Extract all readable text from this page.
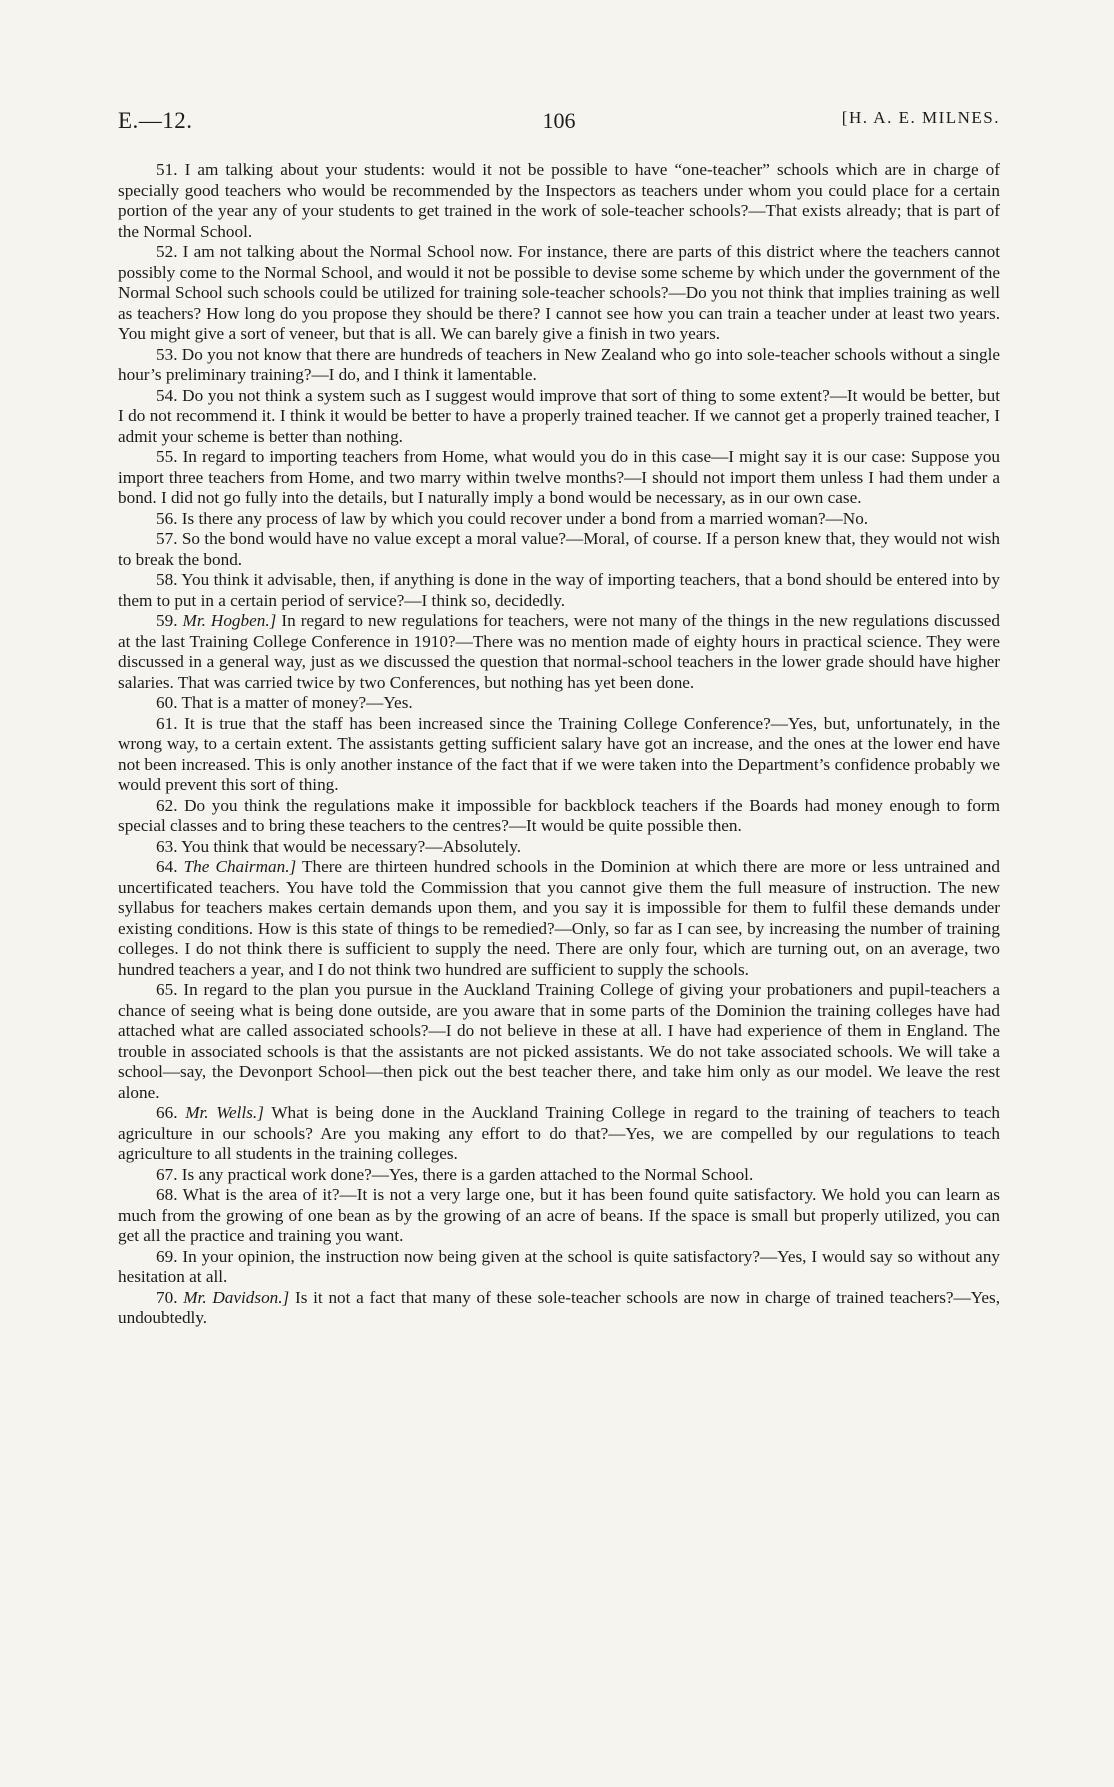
E.—12.	106	[H. A. E. MILNES.

51. I am talking about your students: would it not be possible to have “one-teacher” schools which are in charge of specially good teachers who would be recommended by the Inspectors as teachers under whom you could place for a certain portion of the year any of your students to get trained in the work of sole-teacher schools?—That exists already; that is part of the Normal School.

52. I am not talking about the Normal School now. For instance, there are parts of this district where the teachers cannot possibly come to the Normal School, and would it not be possible to devise some scheme by which under the government of the Normal School such schools could be utilized for training sole-teacher schools?—Do you not think that implies training as well as teachers? How long do you propose they should be there? I cannot see how you can train a teacher under at least two years. You might give a sort of veneer, but that is all. We can barely give a finish in two years.

53. Do you not know that there are hundreds of teachers in New Zealand who go into sole-teacher schools without a single hour’s preliminary training?—I do, and I think it lamentable.

54. Do you not think a system such as I suggest would improve that sort of thing to some extent?—It would be better, but I do not recommend it. I think it would be better to have a properly trained teacher. If we cannot get a properly trained teacher, I admit your scheme is better than nothing.

55. In regard to importing teachers from Home, what would you do in this case—I might say it is our case: Suppose you import three teachers from Home, and two marry within twelve months?—I should not import them unless I had them under a bond. I did not go fully into the details, but I naturally imply a bond would be necessary, as in our own case.

56. Is there any process of law by which you could recover under a bond from a married woman?—No.

57. So the bond would have no value except a moral value?—Moral, of course. If a person knew that, they would not wish to break the bond.

58. You think it advisable, then, if anything is done in the way of importing teachers, that a bond should be entered into by them to put in a certain period of service?—I think so, decidedly.

59. Mr. Hogben.] In regard to new regulations for teachers, were not many of the things in the new regulations discussed at the last Training College Conference in 1910?—There was no mention made of eighty hours in practical science. They were discussed in a general way, just as we discussed the question that normal-school teachers in the lower grade should have higher salaries. That was carried twice by two Conferences, but nothing has yet been done.

60. That is a matter of money?—Yes.

61. It is true that the staff has been increased since the Training College Conference?—Yes, but, unfortunately, in the wrong way, to a certain extent. The assistants getting sufficient salary have got an increase, and the ones at the lower end have not been increased. This is only another instance of the fact that if we were taken into the Department’s confidence probably we would prevent this sort of thing.

62. Do you think the regulations make it impossible for backblock teachers if the Boards had money enough to form special classes and to bring these teachers to the centres?—It would be quite possible then.

63. You think that would be necessary?—Absolutely.

64. The Chairman.] There are thirteen hundred schools in the Dominion at which there are more or less untrained and uncertificated teachers. You have told the Commission that you cannot give them the full measure of instruction. The new syllabus for teachers makes certain demands upon them, and you say it is impossible for them to fulfil these demands under existing conditions. How is this state of things to be remedied?—Only, so far as I can see, by increasing the number of training colleges. I do not think there is sufficient to supply the need. There are only four, which are turning out, on an average, two hundred teachers a year, and I do not think two hundred are sufficient to supply the schools.

65. In regard to the plan you pursue in the Auckland Training College of giving your probationers and pupil-teachers a chance of seeing what is being done outside, are you aware that in some parts of the Dominion the training colleges have had attached what are called associated schools?—I do not believe in these at all. I have had experience of them in England. The trouble in associated schools is that the assistants are not picked assistants. We do not take associated schools. We will take a school—say, the Devonport School—then pick out the best teacher there, and take him only as our model. We leave the rest alone.

66. Mr. Wells.] What is being done in the Auckland Training College in regard to the training of teachers to teach agriculture in our schools? Are you making any effort to do that?—Yes, we are compelled by our regulations to teach agriculture to all students in the training colleges.

67. Is any practical work done?—Yes, there is a garden attached to the Normal School.

68. What is the area of it?—It is not a very large one, but it has been found quite satisfactory. We hold you can learn as much from the growing of one bean as by the growing of an acre of beans. If the space is small but properly utilized, you can get all the practice and training you want.

69. In your opinion, the instruction now being given at the school is quite satisfactory?—Yes, I would say so without any hesitation at all.

70. Mr. Davidson.] Is it not a fact that many of these sole-teacher schools are now in charge of trained teachers?—Yes, undoubtedly.
